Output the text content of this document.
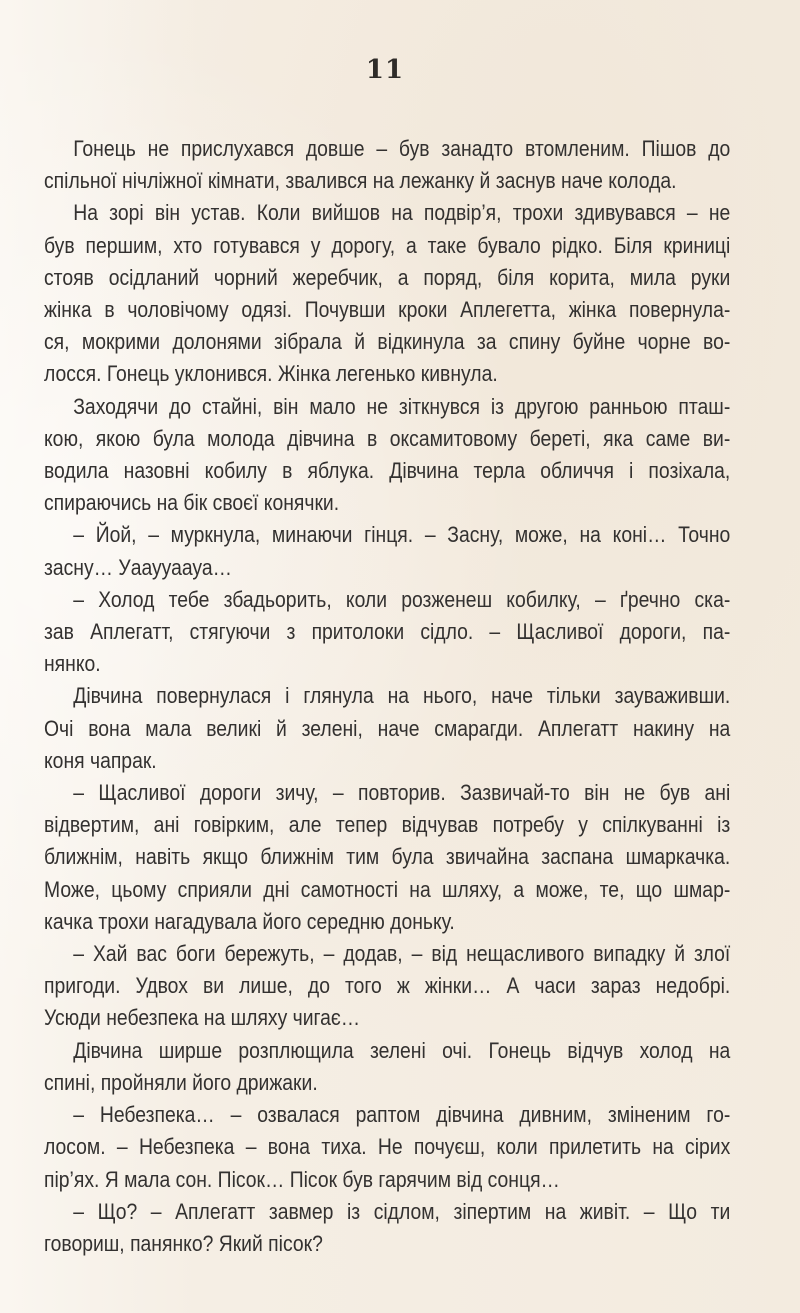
11
Гонець не прислухався довше – був занадто втомленим. Пішов до
спільної нічліжної кімнати, звалився на лежанку й заснув наче колода.
На зорі він устав. Коли вийшов на подвір’я, трохи здивувався – не
був першим, хто готувався у дорогу, а таке бувало рідко. Біля криниці
стояв осідланий чорний жеребчик, а поряд, біля корита, мила руки
жінка в чоловічому одязі. Почувши кроки Аплегетта, жінка повернула-
ся, мокрими долонями зібрала й відкинула за спину буйне чорне во-
лосся. Гонець уклонився. Жінка легенько кивнула.
Заходячи до стайні, він мало не зіткнувся із другою ранньою пташ-
кою, якою була молода дівчина в оксамитовому береті, яка саме ви-
водила назовні кобилу в яблука. Дівчина терла обличчя і позіхала,
спираючись на бік своєї конячки.
– Йой, – муркнула, минаючи гінця. – Засну, може, на коні… Точно
засну… Уааууаауа…
– Холод тебе збадьорить, коли розженеш кобилку, – ґречно ска-
зав Аплегатт, стягуючи з притолоки сідло. – Щасливої дороги, па-
нянко.
Дівчина повернулася і глянула на нього, наче тільки зауваживши.
Очі вона мала великі й зелені, наче смарагди. Аплегатт накину на
коня чапрак.
– Щасливої дороги зичу, – повторив. Зазвичай-то він не був ані
відвертим, ані говірким, але тепер відчував потребу у спілкуванні із
ближнім, навіть якщо ближнім тим була звичайна заспана шмаркачка.
Може, цьому сприяли дні самотності на шляху, а може, те, що шмар-
качка трохи нагадувала його середню доньку.
– Хай вас боги бережуть, – додав, – від нещасливого випадку й злої
пригоди. Удвох ви лише, до того ж жінки… А часи зараз недобрі.
Усюди небезпека на шляху чигає…
Дівчина ширше розплющила зелені очі. Гонець відчув холод на
спині, пройняли його дрижаки.
– Небезпека… – озвалася раптом дівчина дивним, зміненим го-
лосом. – Небезпека – вона тиха. Не почуєш, коли прилетить на сірих
пір’ях. Я мала сон. Пісок… Пісок був гарячим від сонця…
– Що? – Аплегатт завмер із сідлом, зіпертим на живіт. – Що ти
говориш, панянко? Який пісок?
